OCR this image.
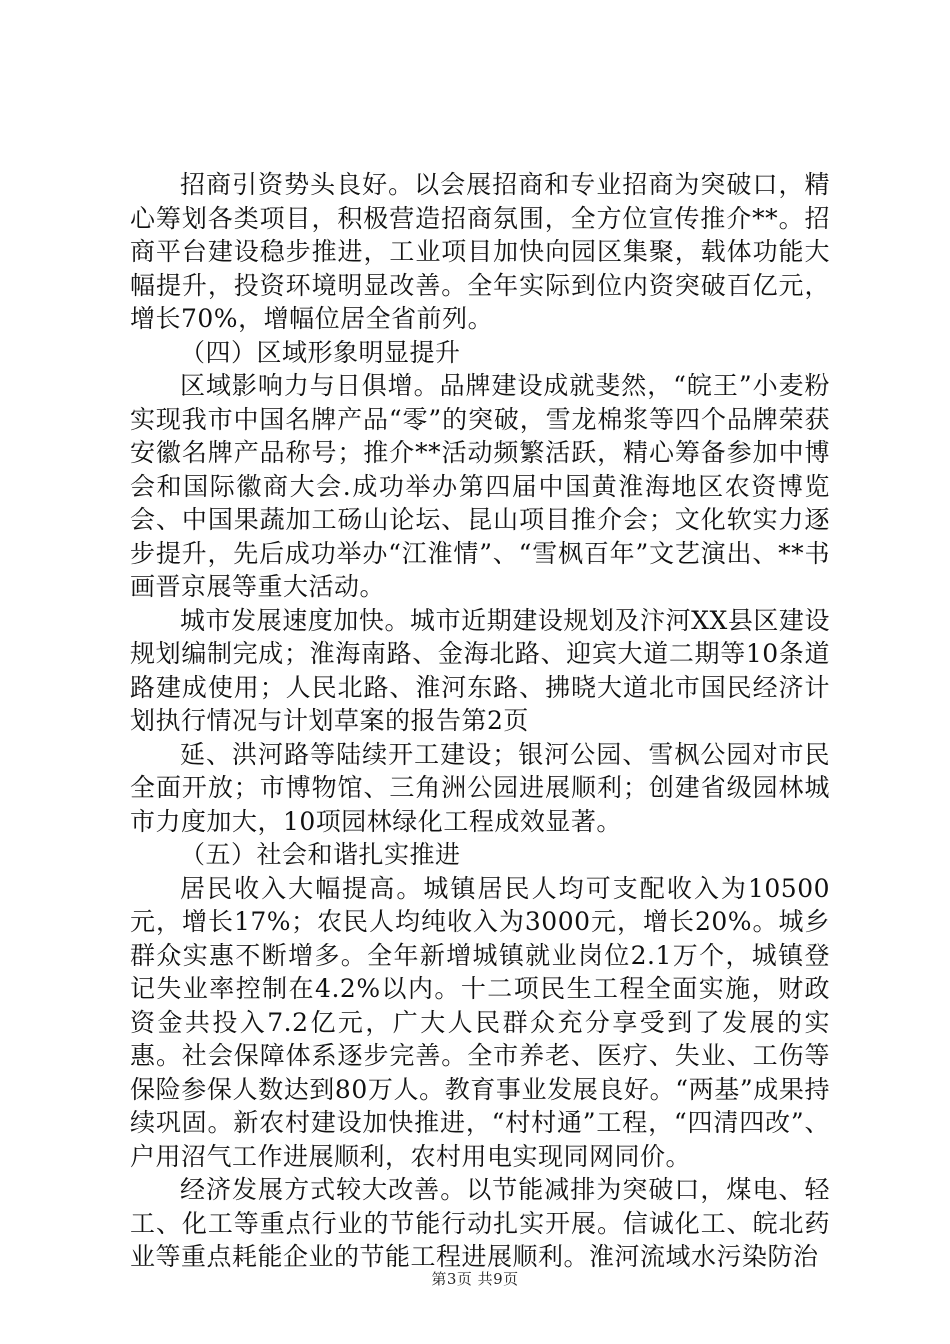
招商引资势头良好。以会展招商和专业招商为突破口，精心筹划各类项目，积极营造招商氛围，全方位宣传推介**。招商平台建设稳步推进，工业项目加快向园区集聚，载体功能大幅提升，投资环境明显改善。全年实际到位内资突破百亿元，增长70%，增幅位居全省前列。

（四）区域形象明显提升

区域影响力与日俱增。品牌建设成就斐然，“皖王”小麦粉实现我市中国名牌产品“零”的突破，雪龙棉浆等四个品牌荣获安徽名牌产品称号；推介**活动频繁活跃，精心筹备参加中博会和国际徽商大会.成功举办第四届中国黄淮海地区农资博览会、中国果蔬加工砀山论坛、昆山项目推介会；文化软实力逐步提升，先后成功举办“江淮情”、“雪枫百年”文艺演出、**书画晋京展等重大活动。

城市发展速度加快。城市近期建设规划及汴河XX县区建设规划编制完成；淮海南路、金海北路、迎宾大道二期等10条道路建成使用；人民北路、淮河东路、拂晓大道北市国民经济计划执行情况与计划草案的报告第2页

延、洪河路等陆续开工建设；银河公园、雪枫公园对市民全面开放；市博物馆、三角洲公园进展顺利；创建省级园林城市力度加大，10项园林绿化工程成效显著。

（五）社会和谐扎实推进

居民收入大幅提高。城镇居民人均可支配收入为10500元，增长17%；农民人均纯收入为3000元，增长20%。城乡群众实惠不断增多。全年新增城镇就业岗位2.1万个，城镇登记失业率控制在4.2%以内。十二项民生工程全面实施，财政资金共投入7.2亿元，广大人民群众充分享受到了发展的实惠。社会保障体系逐步完善。全市养老、医疗、失业、工伤等保险参保人数达到80万人。教育事业发展良好。“两基”成果持续巩固。新农村建设加快推进，“村村通”工程，“四清四改”、户用沼气工作进展顺利，农村用电实现同网同价。

经济发展方式较大改善。以节能减排为突破口，煤电、轻工、化工等重点行业的节能行动扎实开展。信诚化工、皖北药业等重点耗能企业的节能工程进展顺利。淮河流域水污染防治

第3页 共9页
